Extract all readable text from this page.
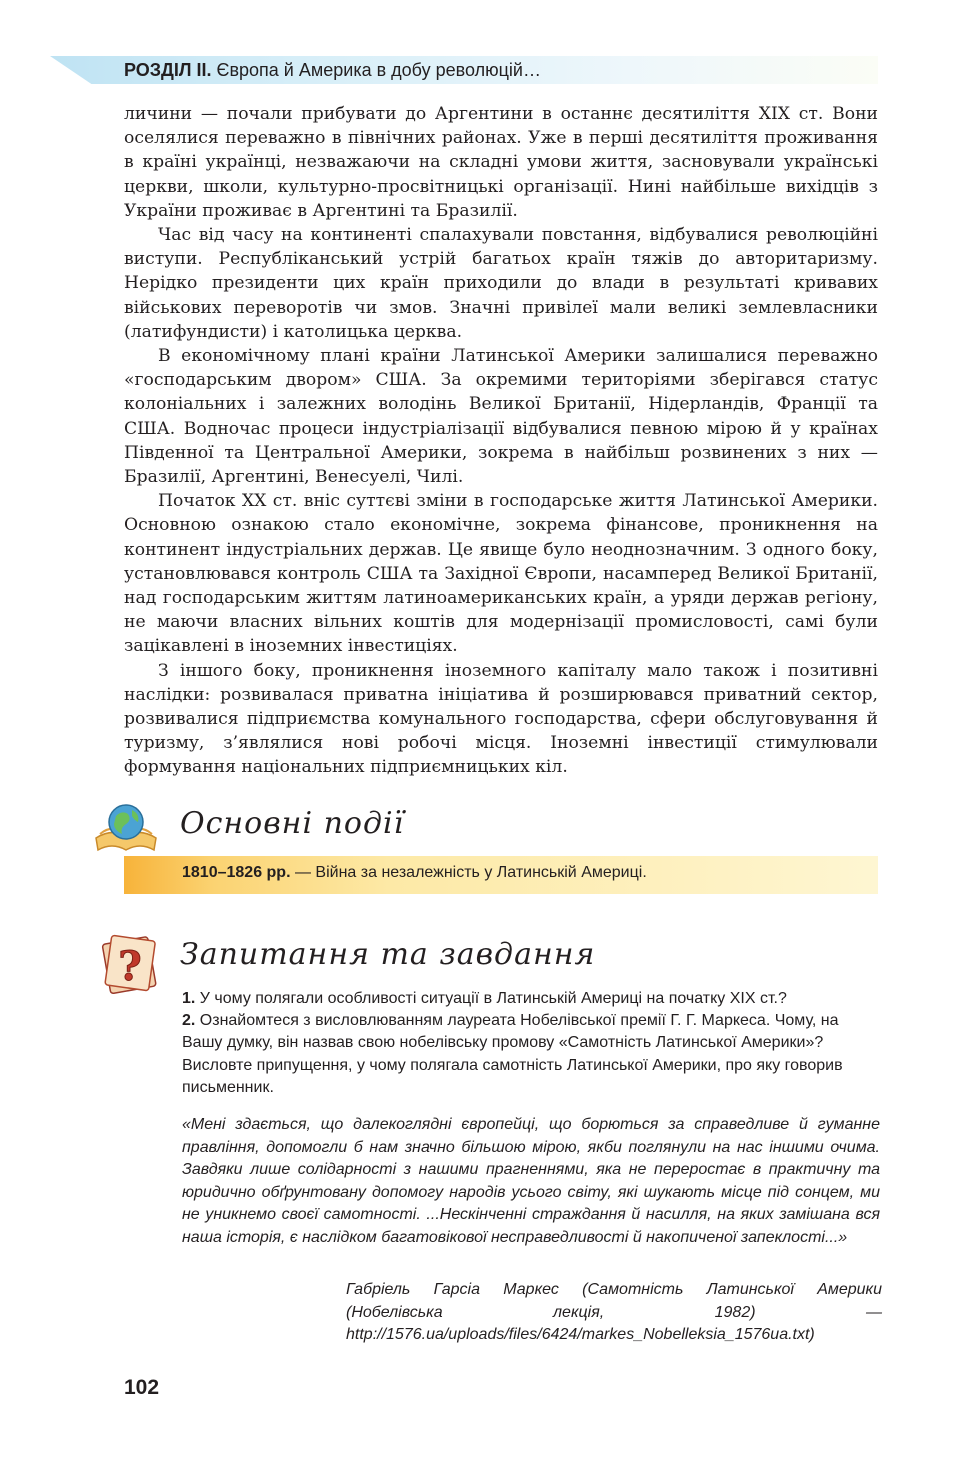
РОЗДІЛ ІІ. Європа й Америка в добу революцій…

личини — почали прибувати до Аргентини в останнє десятиліття ХІХ ст. Вони оселялися переважно в північних районах. Уже в перші десятиліття проживання в країні українці, незважаючи на складні умови життя, засновували українські церкви, школи, культурно-просвітницькі організації. Нині найбільше вихідців з України проживає в Аргентині та Бразилії.

Час від часу на континенті спалахували повстання, відбувалися революційні виступи. Республіканський устрій багатьох країн тяжів до авторитаризму. Нерідко президенти цих країн приходили до влади в результаті кривавих військових переворотів чи змов. Значні привілеї мали великі землевласники (латифундисти) і католицька церква.

В економічному плані країни Латинської Америки залишалися переважно «господарським двором» США. За окремими територіями зберігався статус колоніальних і залежних володінь Великої Британії, Нідерландів, Франції та США. Водночас процеси індустріалізації відбувалися певною мірою й у країнах Південної та Центральної Америки, зокрема в найбільш розвинених з них — Бразилії, Аргентині, Венесуелі, Чилі.

Початок ХХ ст. вніс суттєві зміни в господарське життя Латинської Америки. Основною ознакою стало економічне, зокрема фінансове, проникнення на континент індустріальних держав. Це явище було неоднозначним. З одного боку, установлювався контроль США та Західної Європи, насамперед Великої Британії, над господарським життям латиноамериканських країн, а уряди держав регіону, не маючи власних вільних коштів для модернізації промисловості, самі були зацікавлені в іноземних інвестиціях.

З іншого боку, проникнення іноземного капіталу мало також і позитивні наслідки: розвивалася приватна ініціатива й розширювався приватний сектор, розвивалися підприємства комунального господарства, сфери обслуговування й туризму, з’являлися нові робочі місця. Іноземні інвестиції стимулювали формування національних підприємницьких кіл.

Основні події
1810–1826 рр. — Війна за незалежність у Латинській Америці.
? Запитання та завдання

1. У чому полягали особливості ситуації в Латинській Америці на початку ХІХ ст.?

2. Ознайомтеся з висловлюванням лауреата Нобелівської премії Г. Г. Маркеса. Чому, на Вашу думку, він назвав свою нобелівську промову «Самотність Латинської Америки»? Висловте припущення, у чому полягала самотність Латинської Америки, про яку говорив письменник.

«Мені здається, що далекоглядні європейці, що борються за справедливе й гуманне правління, допомогли б нам значно більшою мірою, якби поглянули на нас іншими очима. Завдяки лише солідарності з нашими прагненнями, яка не переростає в практичну та юридично обґрунтовану допомогу народів усього світу, які шукають місце під сонцем, ми не уникнемо своєї самотності. ...Нескінченні страждання й насилля, на яких замішана вся наша історія, є наслідком багатовікової несправедливості й накопиченої запеклості...»

Габріель Гарсіа Маркес (Самотність Латинської Америки (Нобелівська лекція, 1982) — http://1576.ua/uploads/files/6424/markes_Nobelleksia_1576ua.txt)
102
